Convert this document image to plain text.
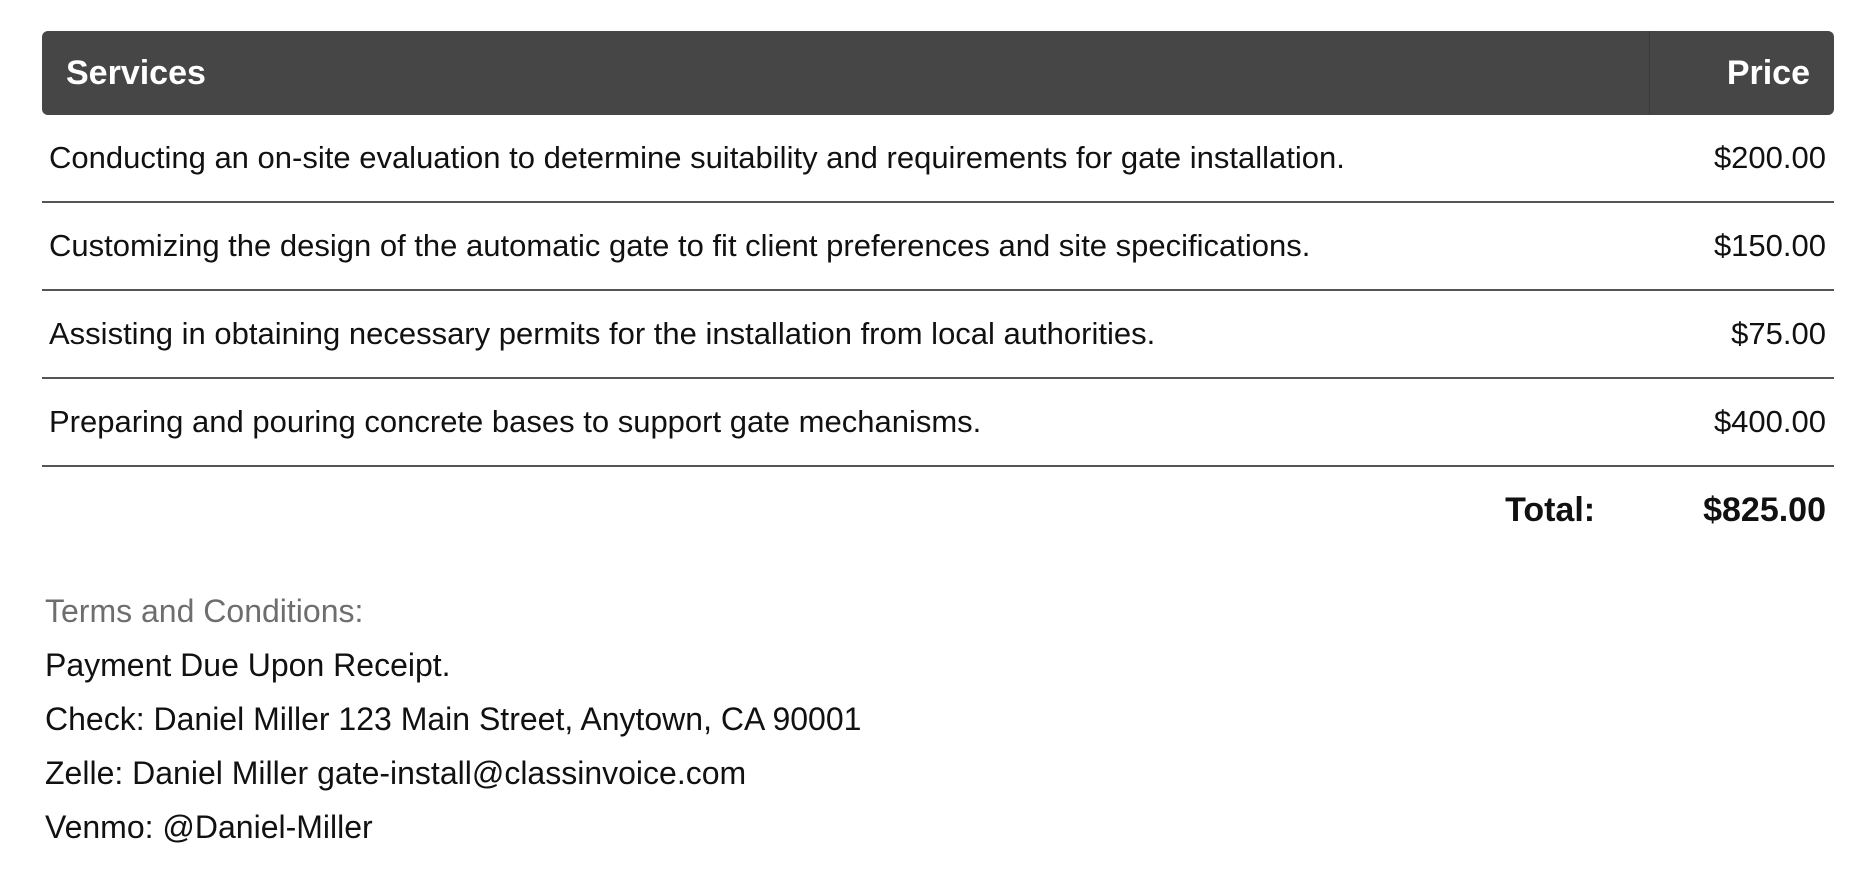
Services	Price
Conducting an on-site evaluation to determine suitability and requirements for gate installation.	$200.00
Customizing the design of the automatic gate to fit client preferences and site specifications.	$150.00
Assisting in obtaining necessary permits for the installation from local authorities.	$75.00
Preparing and pouring concrete bases to support gate mechanisms.	$400.00
Total:	$825.00
Terms and Conditions:
Payment Due Upon Receipt.
Check: Daniel Miller 123 Main Street, Anytown, CA 90001
Zelle: Daniel Miller gate-install@classinvoice.com
Venmo: @Daniel-Miller
